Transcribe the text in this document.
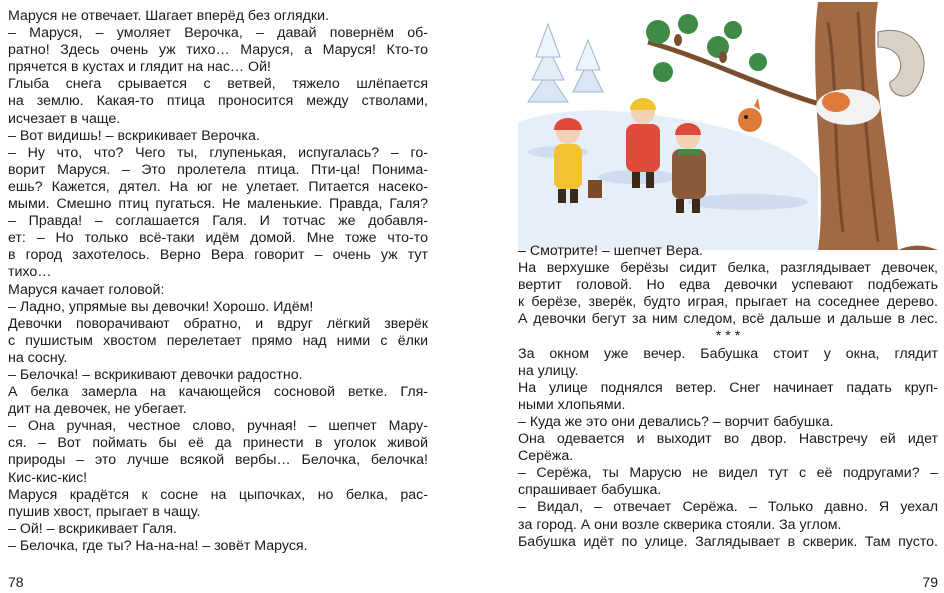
Маруся не отвечает. Шагает вперёд без оглядки.
– Маруся, – умоляет Верочка, – давай повернём об-
ратно! Здесь очень уж тихо… Маруся, а Маруся! Кто-то
прячется в кустах и глядит на нас… Ой!
Глыба снега срывается с ветвей, тяжело шлёпается
на землю. Какая-то птица проносится между стволами,
исчезает в чаще.
– Вот видишь! – вскрикивает Верочка.
– Ну что, что? Чего ты, глупенькая, испугалась? – го-
ворит Маруся. – Это пролетела птица. Пти-ца! Понима-
ешь? Кажется, дятел. На юг не улетает. Питается насеко-
мыми. Смешно птиц пугаться. Не маленькие. Правда, Галя?
– Правда! – соглашается Галя. И тотчас же добавля-
ет: – Но только всё-таки идём домой. Мне тоже что-то
в город захотелось. Верно Вера говорит – очень уж тут
тихо…
Маруся качает головой:
– Ладно, упрямые вы девочки! Хорошо. Идём!
Девочки поворачивают обратно, и вдруг лёгкий зверёк
с пушистым хвостом перелетает прямо над ними с ёлки
на сосну.
– Белочка! – вскрикивают девочки радостно.
А белка замерла на качающейся сосновой ветке. Гля-
дит на девочек, не убегает.
– Она ручная, честное слово, ручная! – шепчет Мару-
ся. – Вот поймать бы её да принести в уголок живой
природы – это лучше всякой вербы… Белочка, белочка!
Кис-кис-кис!
Маруся крадётся к сосне на цыпочках, но белка, рас-
пушив хвост, прыгает в чащу.
– Ой! – вскрикивает Галя.
– Белочка, где ты? На-на-на! – зовёт Маруся.
78
– Смотрите! – шепчет Вера.
На верхушке берёзы сидит белка, разглядывает девочек,
вертит головой. Но едва девочки успевают подбежать
к берёзе, зверёк, будто играя, прыгает на соседнее дерево.
А девочки бегут за ним следом, всё дальше и дальше в лес.
* * *
За окном уже вечер. Бабушка стоит у окна, глядит
на улицу.
На улице поднялся ветер. Снег начинает падать круп-
ными хлопьями.
– Куда же это они девались? – ворчит бабушка.
Она одевается и выходит во двор. Навстречу ей идет
Серёжа.
– Серёжа, ты Марусю не видел тут с её подругами? –
спрашивает бабушка.
– Видал, – отвечает Серёжа. – Только давно. Я уехал
за город. А они возле скверика стояли. За углом.
Бабушка идёт по улице. Заглядывает в скверик. Там пусто.
79
